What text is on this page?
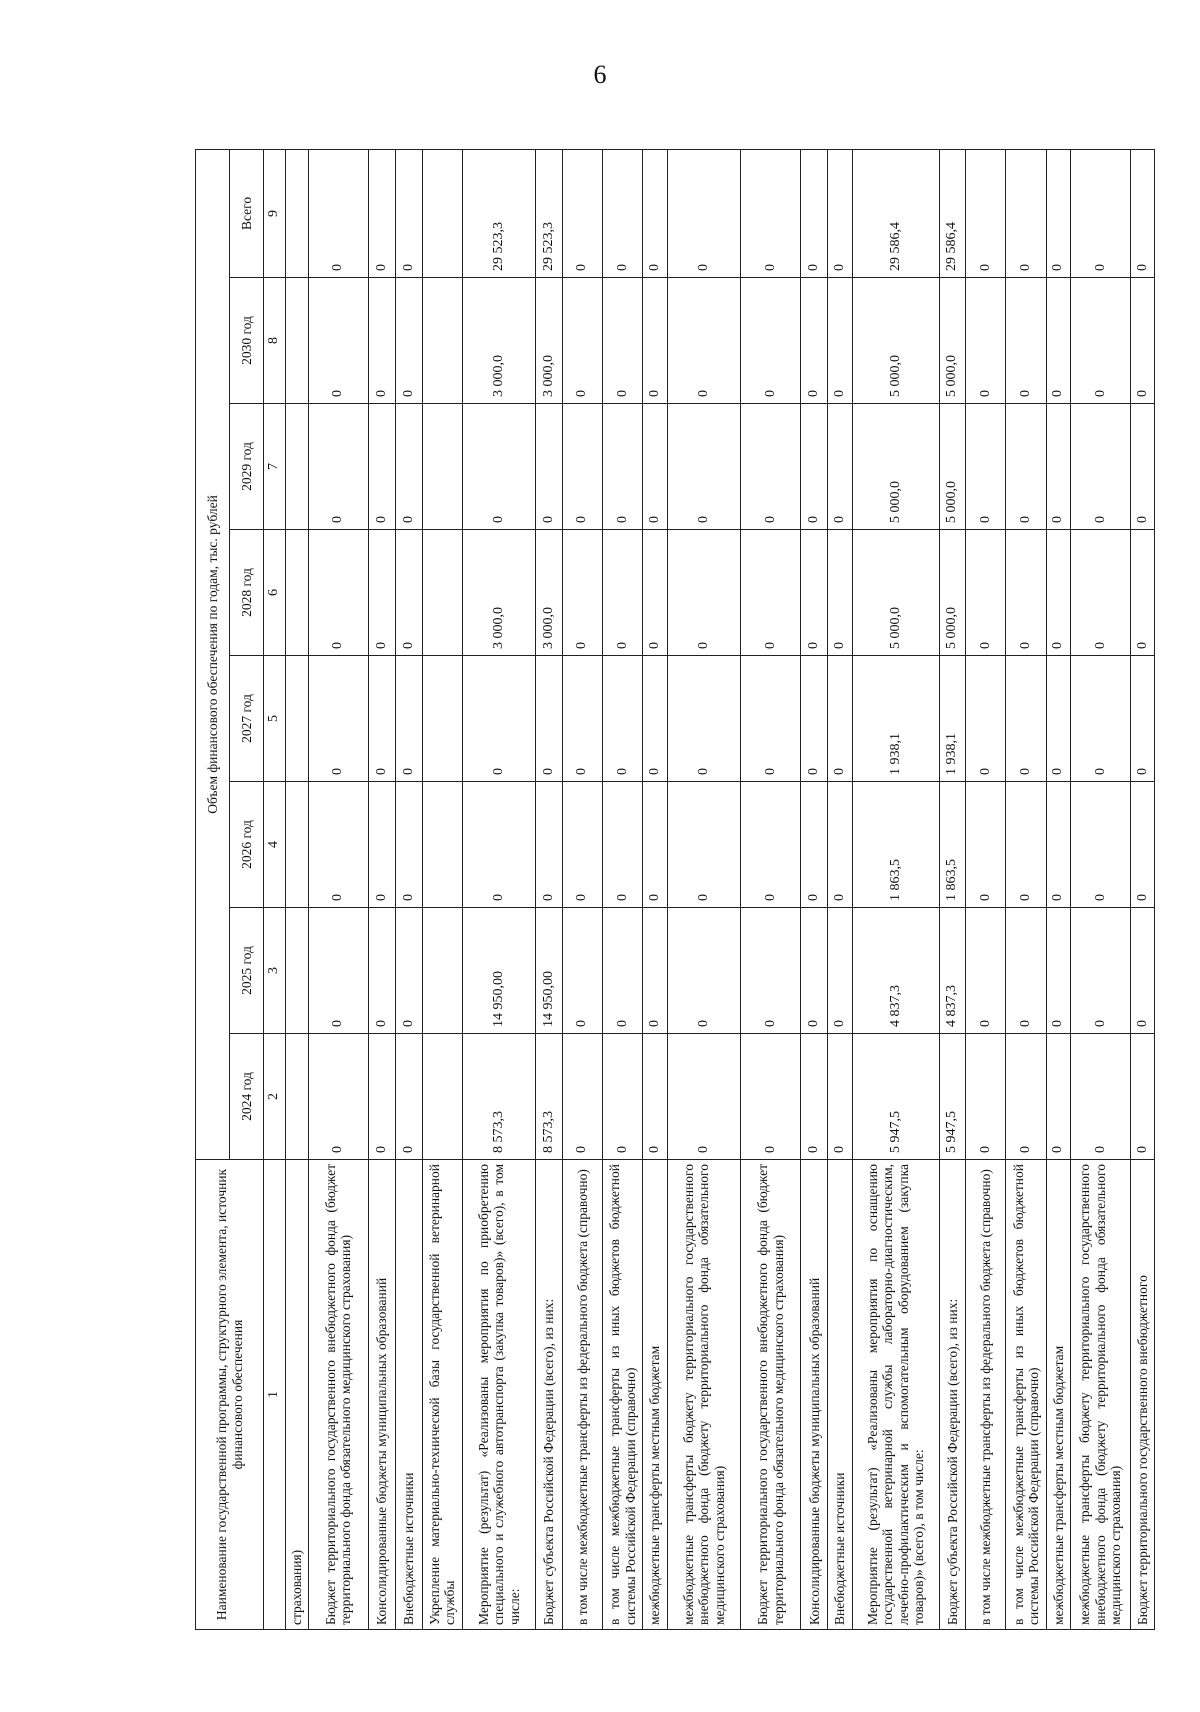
6
Наименование государственной программы, структурного элемента, источник финансового обеспечения	Объем финансового обеспечения по годам, тыс. рублей							
	2024 год	2025 год	2026 год	2027 год	2028 год	2029 год	2030 год	Всего
1	2	3	4	5	6	7	8	9
страхования)								
Бюджет территориального государственного внебюджетного фонда (бюджет территориального фонда обязательного медицинского страхования)	0	0	0	0	0	0	0	0
Консолидированные бюджеты муниципальных образований	0	0	0	0	0	0	0	0
Внебюджетные источники	0	0	0	0	0	0	0	0
Укрепление материально-технической базы государственной ветеринарной службы								
Мероприятие (результат) «Реализованы мероприятия по приобретению специального и служебного автотранспорта (закупка товаров)» (всего), в том числе:	8 573,3	14 950,00	0	0	3 000,0	0	3 000,0	29 523,3
Бюджет субъекта Российской Федерации (всего), из них:	8 573,3	14 950,00	0	0	3 000,0	0	3 000,0	29 523,3
в том числе межбюджетные трансферты из федерального бюджета (справочно)	0	0	0	0	0	0	0	0
в том числе межбюджетные трансферты из иных бюджетов бюджетной системы Российской Федерации (справочно)	0	0	0	0	0	0	0	0
межбюджетные трансферты местным бюджетам	0	0	0	0	0	0	0	0
межбюджетные трансферты бюджету территориального государственного внебюджетного фонда (бюджету территориального фонда обязательного медицинского страхования)	0	0	0	0	0	0	0	0
Бюджет территориального государственного внебюджетного фонда (бюджет территориального фонда обязательного медицинского страхования)	0	0	0	0	0	0	0	0
Консолидированные бюджеты муниципальных образований	0	0	0	0	0	0	0	0
Внебюджетные источники	0	0	0	0	0	0	0	0
Мероприятие (результат) «Реализованы мероприятия по оснащению государственной ветеринарной службы лабораторно-диагностическим, лечебно-профилактическим и вспомогательным оборудованием (закупка товаров)» (всего), в том числе:	5 947,5	4 837,3	1 863,5	1 938,1	5 000,0	5 000,0	5 000,0	29 586,4
Бюджет субъекта Российской Федерации (всего), из них:	5 947,5	4 837,3	1 863,5	1 938,1	5 000,0	5 000,0	5 000,0	29 586,4
в том числе межбюджетные трансферты из федерального бюджета (справочно)	0	0	0	0	0	0	0	0
в том числе межбюджетные трансферты из иных бюджетов бюджетной системы Российской Федерации (справочно)	0	0	0	0	0	0	0	0
межбюджетные трансферты местным бюджетам	0	0	0	0	0	0	0	0
межбюджетные трансферты бюджету территориального государственного внебюджетного фонда (бюджету территориального фонда обязательного медицинского страхования)	0	0	0	0	0	0	0	0
Бюджет территориального государственного внебюджетного	0	0	0	0	0	0	0	0
